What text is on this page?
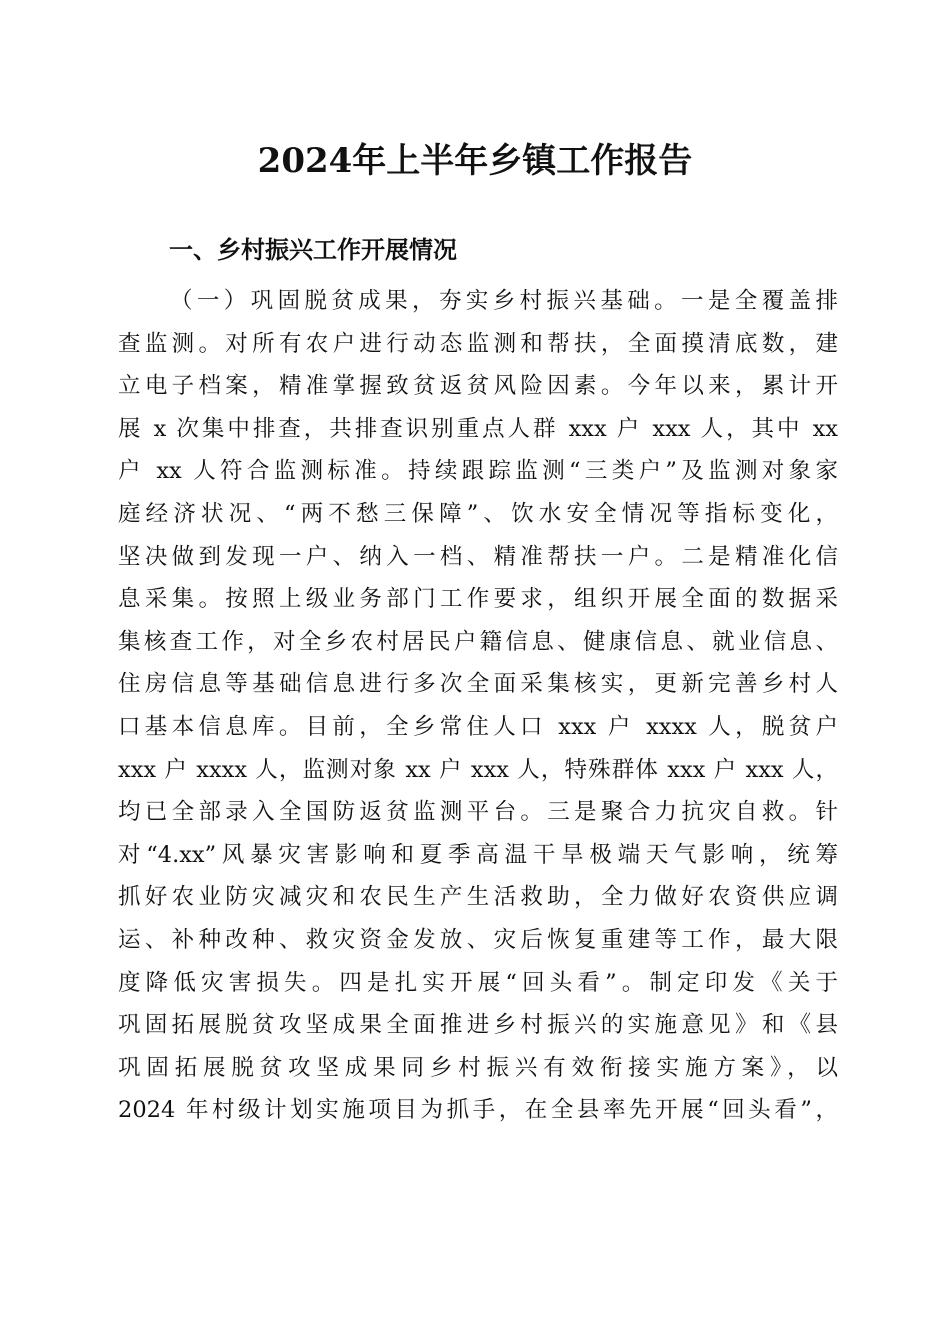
2024年上半年乡镇工作报告
一、乡村振兴工作开展情况
（一）巩固脱贫成果，夯实乡村振兴基础。一是全覆盖排
查监测。对所有农户进行动态监测和帮扶，全面摸清底数，建
立电子档案，精准掌握致贫返贫风险因素。今年以来，累计开
展 x 次集中排查，共排查识别重点人群 xxx 户 xxx 人，其中 xx
户 xx 人符合监测标准。持续跟踪监测“三类户”及监测对象家
庭经济状况、“两不愁三保障”、饮水安全情况等指标变化，
坚决做到发现一户、纳入一档、精准帮扶一户。二是精准化信
息采集。按照上级业务部门工作要求，组织开展全面的数据采
集核查工作，对全乡农村居民户籍信息、健康信息、就业信息、
住房信息等基础信息进行多次全面采集核实，更新完善乡村人
口基本信息库。目前，全乡常住人口 xxx 户 xxxx 人，脱贫户
xxx 户 xxxx 人，监测对象 xx 户 xxx 人，特殊群体 xxx 户 xxx 人，
均已全部录入全国防返贫监测平台。三是聚合力抗灾自救。针
对“4.xx”风暴灾害影响和夏季高温干旱极端天气影响，统筹
抓好农业防灾减灾和农民生产生活救助，全力做好农资供应调
运、补种改种、救灾资金发放、灾后恢复重建等工作，最大限
度降低灾害损失。四是扎实开展“回头看”。制定印发《关于
巩固拓展脱贫攻坚成果全面推进乡村振兴的实施意见》和《县
巩固拓展脱贫攻坚成果同乡村振兴有效衔接实施方案》，以
2024 年村级计划实施项目为抓手，在全县率先开展“回头看”，
